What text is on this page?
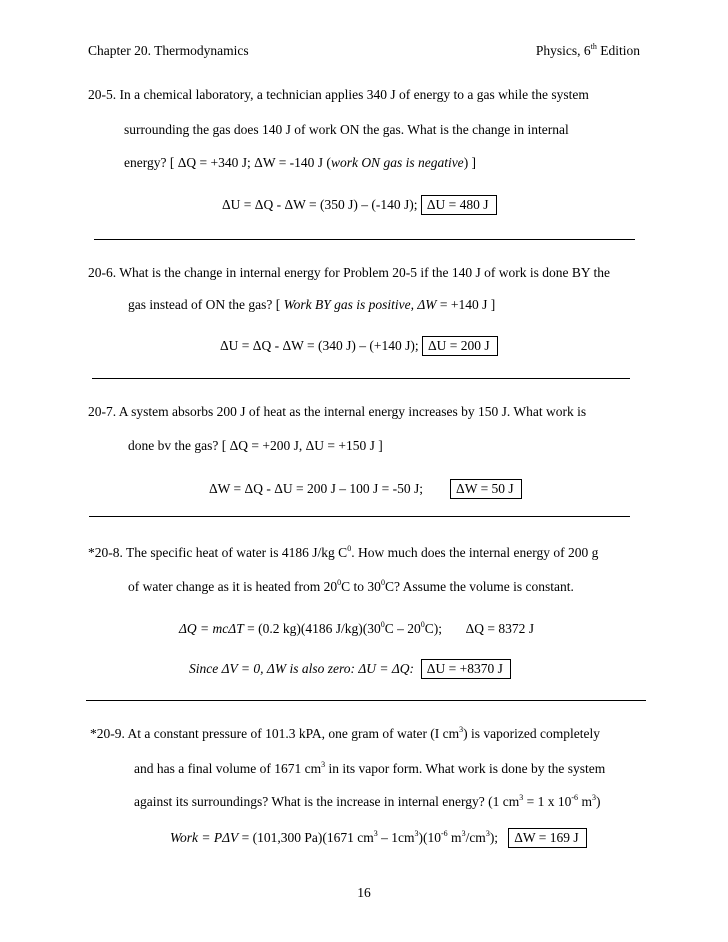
Chapter 20. Thermodynamics	Physics, 6th Edition
20-5. In a chemical laboratory, a technician applies 340 J of energy to a gas while the system
surrounding the gas does 140 J of work ON the gas. What is the change in internal
energy? [ ΔQ = +340 J; ΔW = -140 J (work ON gas is negative) ]
ΔU = ΔQ - ΔW = (350 J) – (-140 J); ΔU = 480 J
20-6. What is the change in internal energy for Problem 20-5 if the 140 J of work is done BY the
gas instead of ON the gas? [ Work BY gas is positive, ΔW = +140 J ]
ΔU = ΔQ - ΔW = (340 J) – (+140 J); ΔU = 200 J
20-7. A system absorbs 200 J of heat as the internal energy increases by 150 J. What work is
done bv the gas? [ ΔQ = +200 J, ΔU = +150 J ]
ΔW = ΔQ - ΔU = 200 J – 100 J = -50 J; ΔW = 50 J
*20-8. The specific heat of water is 4186 J/kg $C^0$. How much does the internal energy of 200 g
of water change as it is heated from $20^0C$ to $30^0C$? Assume the volume is constant.
ΔQ = mcΔT = (0.2 kg)(4186 $J/kg)(30^0C - 20^0C)$; ΔQ = 8372 J
Since ΔV = 0, ΔW is also zero: ΔU = ΔQ: ΔU = +8370 J
*20-9. At a constant pressure of 101.3 kPA, one gram of water (I $cm^3$) is vaporized completely
and has a final volume of 1671 $cm^3$ in its vapor form. What work is done by the system
against its surroundings? What is the increase in internal energy? (1 $cm^3 = 1$ x $10^{-6}$ $m^3$)
Work = PΔV = (101,300 Pa)(1671 $cm^3 - 1cm^3)(10^{-6}$ $m^3/cm^3$); ΔW = 169 J
16
